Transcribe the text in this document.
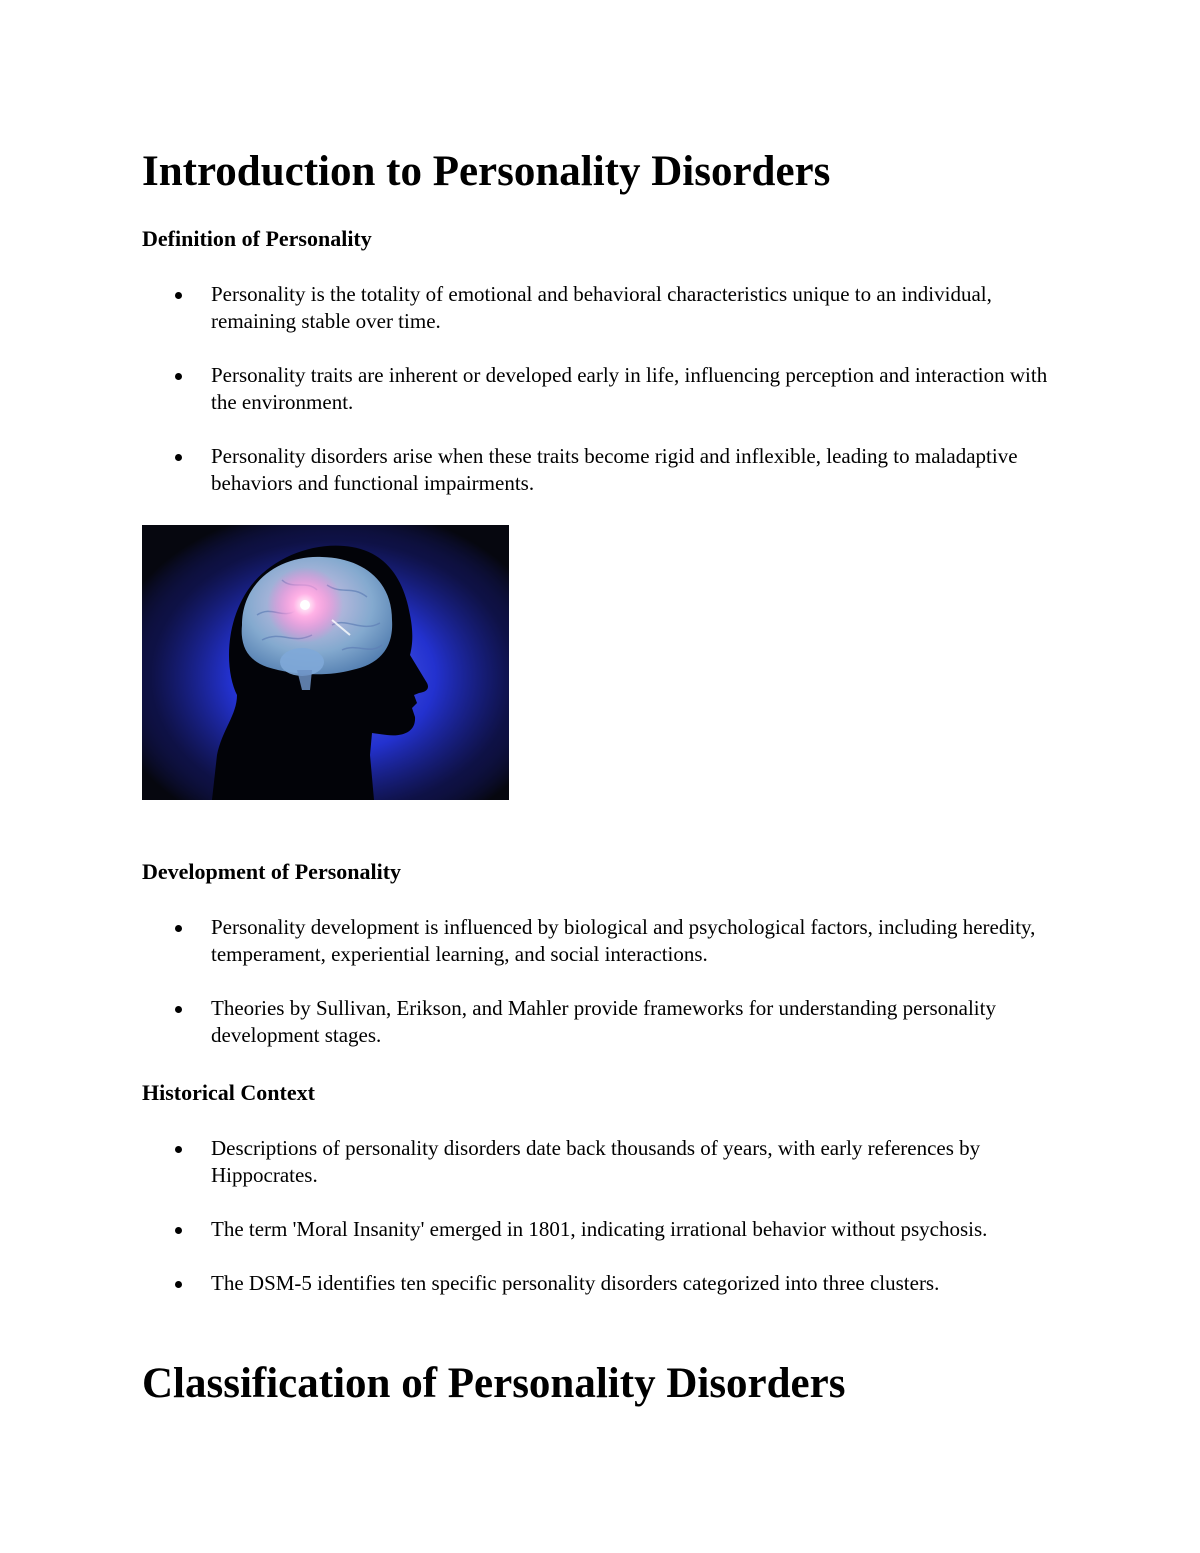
Introduction to Personality Disorders
Definition of Personality
Personality is the totality of emotional and behavioral characteristics unique to an individual, remaining stable over time.
Personality traits are inherent or developed early in life, influencing perception and interaction with the environment.
Personality disorders arise when these traits become rigid and inflexible, leading to maladaptive behaviors and functional impairments.
Development of Personality
Personality development is influenced by biological and psychological factors, including heredity, temperament, experiential learning, and social interactions.
Theories by Sullivan, Erikson, and Mahler provide frameworks for understanding personality development stages.
Historical Context
Descriptions of personality disorders date back thousands of years, with early references by Hippocrates.
The term 'Moral Insanity' emerged in 1801, indicating irrational behavior without psychosis.
The DSM-5 identifies ten specific personality disorders categorized into three clusters.
Classification of Personality Disorders
